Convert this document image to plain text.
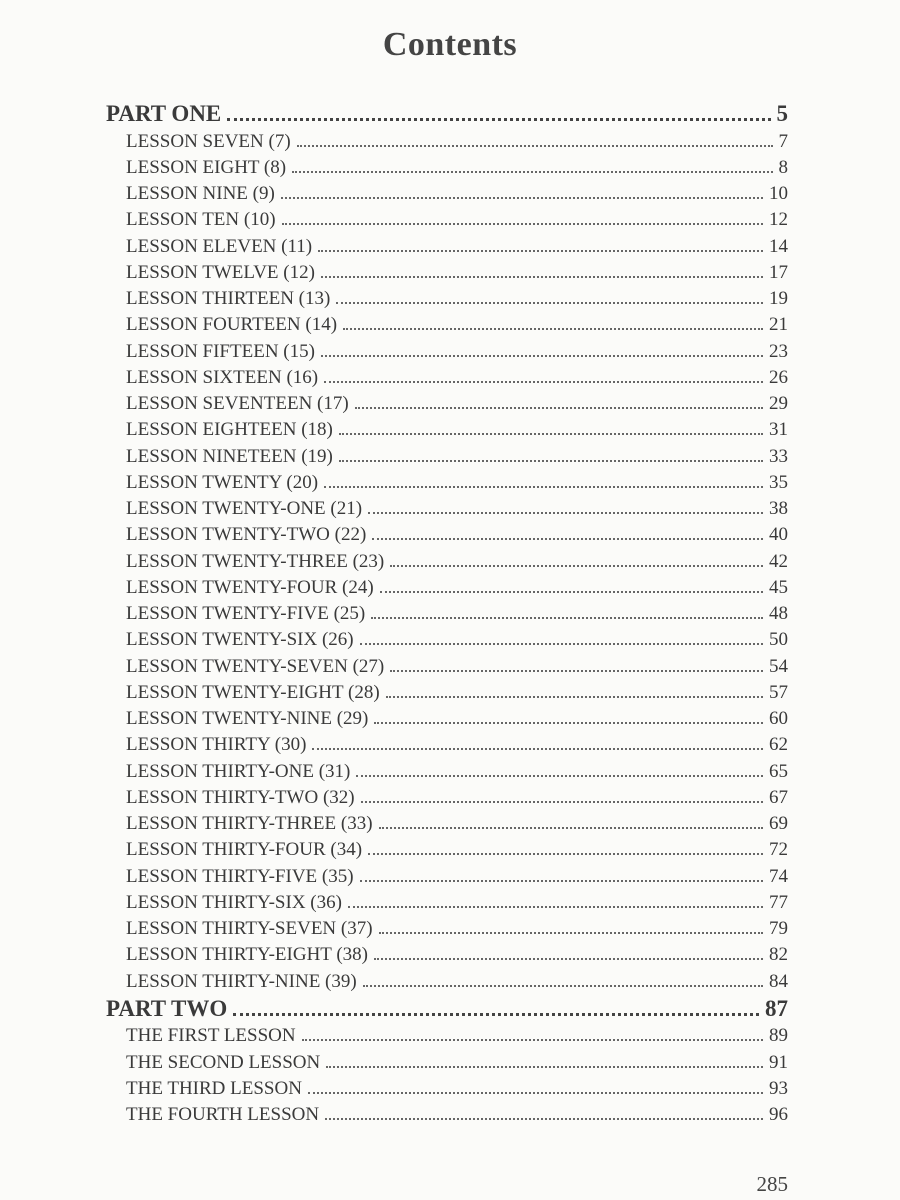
Contents
PART ONE	5
LESSON SEVEN (7)	7
LESSON EIGHT (8)	8
LESSON NINE (9)	10
LESSON TEN (10)	12
LESSON ELEVEN (11)	14
LESSON TWELVE (12)	17
LESSON THIRTEEN (13)	19
LESSON FOURTEEN (14)	21
LESSON FIFTEEN (15)	23
LESSON SIXTEEN (16)	26
LESSON SEVENTEEN (17)	29
LESSON EIGHTEEN (18)	31
LESSON NINETEEN (19)	33
LESSON TWENTY (20)	35
LESSON TWENTY-ONE (21)	38
LESSON TWENTY-TWO (22)	40
LESSON TWENTY-THREE (23)	42
LESSON TWENTY-FOUR (24)	45
LESSON TWENTY-FIVE (25)	48
LESSON TWENTY-SIX (26)	50
LESSON TWENTY-SEVEN (27)	54
LESSON TWENTY-EIGHT (28)	57
LESSON TWENTY-NINE (29)	60
LESSON THIRTY (30)	62
LESSON THIRTY-ONE (31)	65
LESSON THIRTY-TWO (32)	67
LESSON THIRTY-THREE (33)	69
LESSON THIRTY-FOUR (34)	72
LESSON THIRTY-FIVE (35)	74
LESSON THIRTY-SIX (36)	77
LESSON THIRTY-SEVEN (37)	79
LESSON THIRTY-EIGHT (38)	82
LESSON THIRTY-NINE (39)	84
PART TWO	87
THE FIRST LESSON	89
THE SECOND LESSON	91
THE THIRD LESSON	93
THE FOURTH LESSON	96
285
